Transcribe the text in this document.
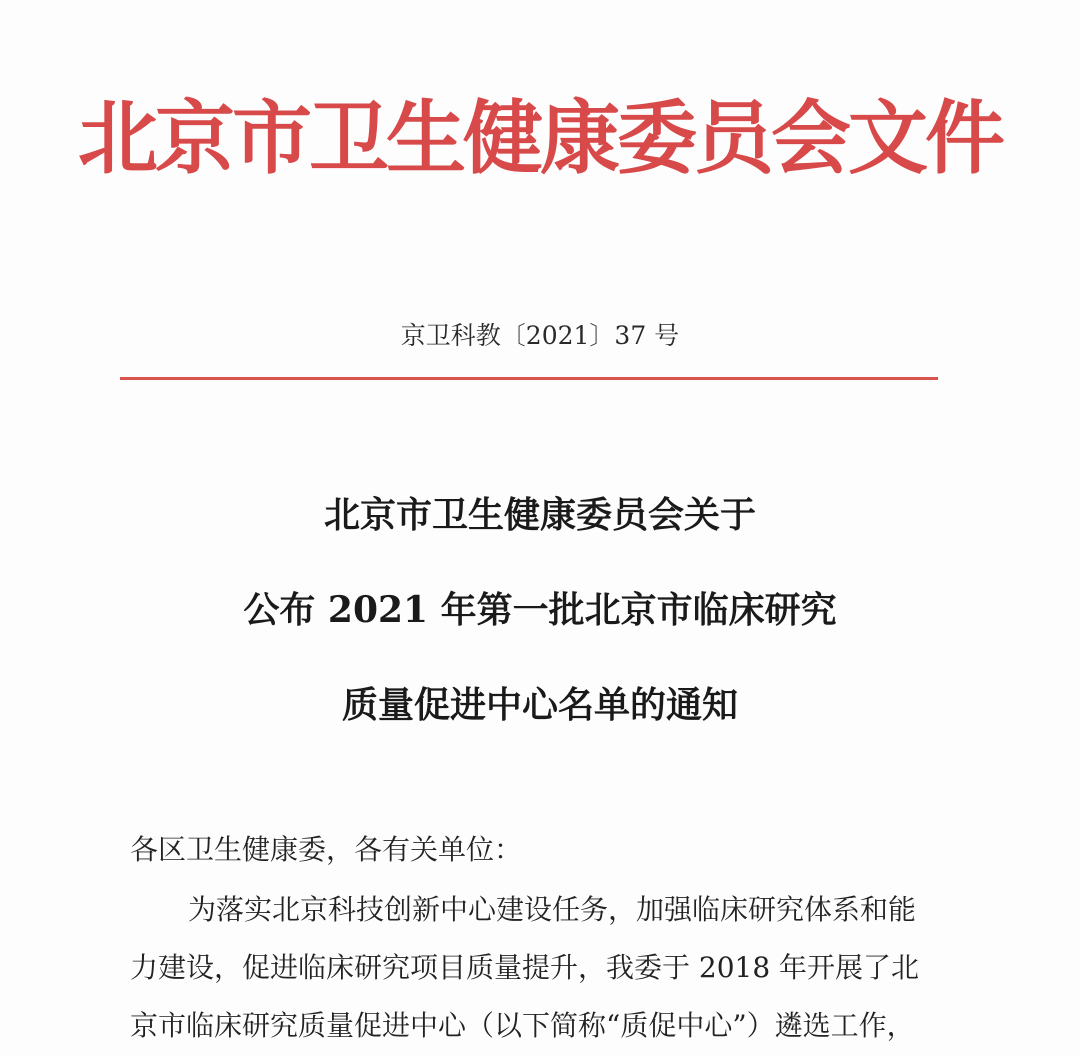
北京市卫生健康委员会文件
京卫科教〔2021〕37 号
北京市卫生健康委员会关于
公布 2021 年第一批北京市临床研究
质量促进中心名单的通知
各区卫生健康委，各有关单位：
为落实北京科技创新中心建设任务，加强临床研究体系和能
力建设，促进临床研究项目质量提升，我委于 2018 年开展了北
京市临床研究质量促进中心（以下简称“质促中心”）遴选工作，
